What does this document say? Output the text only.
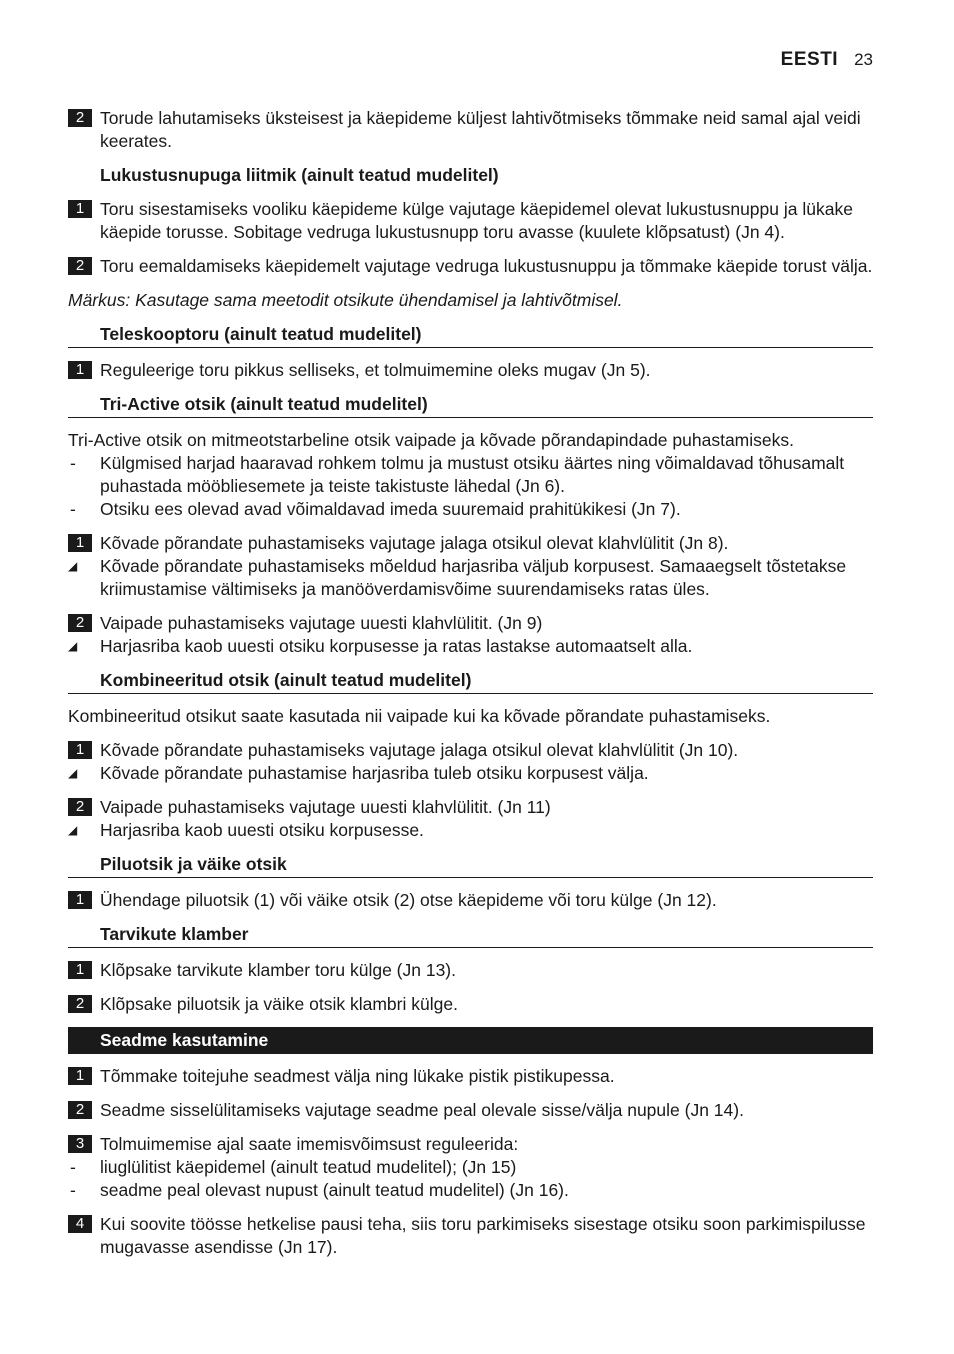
EESTI 23
2 Torude lahutamiseks üksteisest ja käepideme küljest lahtivõtmiseks tõmmake neid samal ajal veidi keerates.
Lukustusnupuga liitmik (ainult teatud mudelitel)
1 Toru sisestamiseks vooliku käepideme külge vajutage käepidemel olevat lukustusnuppu ja lükake käepide torusse. Sobitage vedruga lukustusnupp toru avasse (kuulete klõpsatust) (Jn 4).
2 Toru eemaldamiseks käepidemelt vajutage vedruga lukustusnuppu ja tõmmake käepide torust välja.
Märkus: Kasutage sama meetodit otsikute ühendamisel ja lahtivõtmisel.
Teleskooptoru (ainult teatud mudelitel)
1 Reguleerige toru pikkus selliseks, et tolmuimemine oleks mugav (Jn 5).
Tri-Active otsik (ainult teatud mudelitel)
Tri-Active otsik on mitmeotstarbeline otsik vaipade ja kõvade põrandapindade puhastamiseks.
-	Külgmised harjad haaravad rohkem tolmu ja mustust otsiku äärtes ning võimaldavad tõhusamalt puhastada mööbliesemete ja teiste takistuste lähedal (Jn 6).
-	Otsiku ees olevad avad võimaldavad imeda suuremaid prahitükikesi (Jn 7).
1 Kõvade põrandate puhastamiseks vajutage jalaga otsikul olevat klahvlülitit (Jn 8).
◢	Kõvade põrandate puhastamiseks mõeldud harjasriba väljub korpusest. Samaaegselt tõstetakse kriimustamise vältimiseks ja manööverdamisvõime suurendamiseks ratas üles.
2 Vaipade puhastamiseks vajutage uuesti klahvlülitit. (Jn 9)
◢	Harjasriba kaob uuesti otsiku korpusesse ja ratas lastakse automaatselt alla.
Kombineeritud otsik (ainult teatud mudelitel)
Kombineeritud otsikut saate kasutada nii vaipade kui ka kõvade põrandate puhastamiseks.
1 Kõvade põrandate puhastamiseks vajutage jalaga otsikul olevat klahvlülitit (Jn 10).
◢	Kõvade põrandate puhastamise harjasriba tuleb otsiku korpusest välja.
2 Vaipade puhastamiseks vajutage uuesti klahvlülitit. (Jn 11)
◢	Harjasriba kaob uuesti otsiku korpusesse.
Piluotsik ja väike otsik
1 Ühendage piluotsik (1) või väike otsik (2) otse käepideme või toru külge (Jn 12).
Tarvikute klamber
1 Klõpsake tarvikute klamber toru külge (Jn 13).
2 Klõpsake piluotsik ja väike otsik klambri külge.
Seadme kasutamine
1 Tõmmake toitejuhe seadmest välja ning lükake pistik pistikupessa.
2 Seadme sisselülitamiseks vajutage seadme peal olevale sisse/välja nupule (Jn 14).
3 Tolmuimemise ajal saate imemisvõimsust reguleerida:
-	liuglülitist käepidemel (ainult teatud mudelitel); (Jn 15)
-	seadme peal olevast nupust (ainult teatud mudelitel) (Jn 16).
4 Kui soovite töösse hetkelise pausi teha, siis toru parkimiseks sisestage otsiku soon parkimispilusse mugavasse asendisse (Jn 17).
